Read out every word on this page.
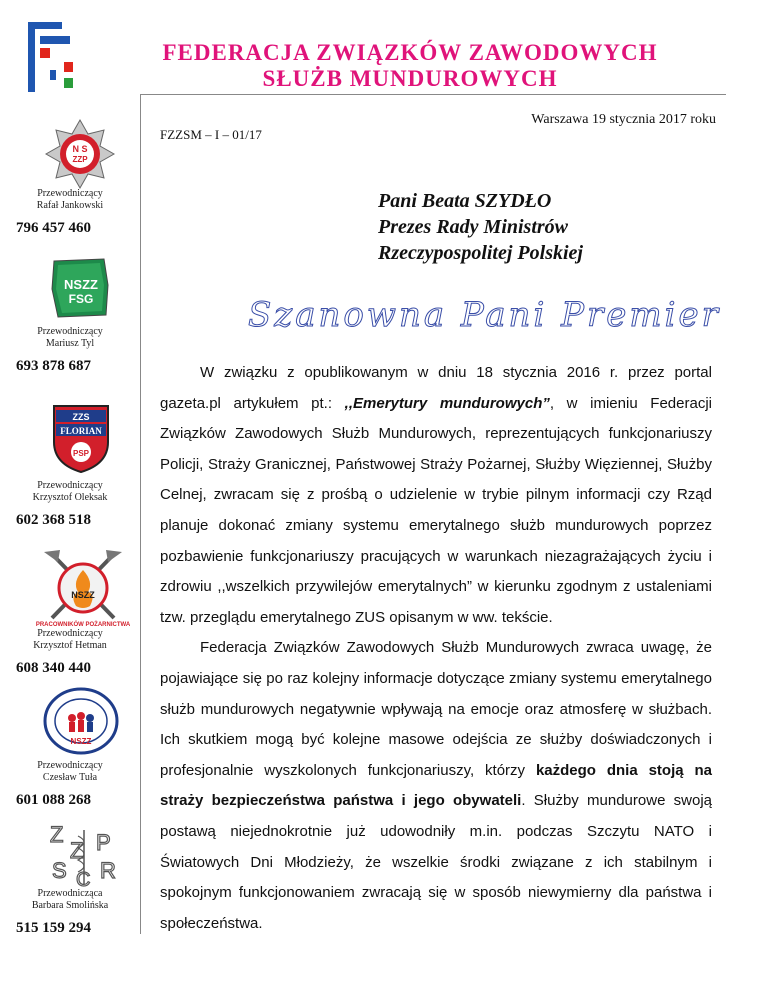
FEDERACJA ZWIĄZKÓW ZAWODOWYCH
SŁUŻB MUNDUROWYCH
Warszawa 19 stycznia 2017 roku
FZZSM – I – 01/17
Pani Beata SZYDŁO
Prezes Rady Ministrów
Rzeczypospolitej Polskiej
Szanowna Pani Premier
N S
ZZP
Przewodniczący
Rafał Jankowski
796 457 460
NSZZ
FSG
Przewodniczący
Mariusz Tyl
693 878 687
ZZS
FLORIAN
PSP
Przewodniczący
Krzysztof Oleksak
602 368 518
NSZZ
PRACOWNIKÓW POŻARNICTWA
Przewodniczący
Krzysztof Hetman
608 340 440
NSZZ
Przewodniczący
Czesław Tuła
601 088 268
Z
Z
S C
P
R
Przewodnicząca
Barbara Smolińska
515 159 294

W związku z opublikowanym w dniu 18 stycznia 2016 r. przez portal gazeta.pl artykułem pt.: ,,Emerytury mundurowych”, w imieniu Federacji Związków Zawodowych Służb Mundurowych, reprezentujących funkcjonariuszy Policji, Straży Granicznej, Państwowej Straży Pożarnej, Służby Więziennej, Służby Celnej, zwracam się z prośbą o udzielenie w trybie pilnym informacji czy Rząd planuje dokonać zmiany systemu emerytalnego służb mundurowych poprzez pozbawienie funkcjonariuszy pracujących w warunkach niezagrażających życiu i zdrowiu ,,wszelkich przywilejów emerytalnych” w kierunku zgodnym z ustaleniami tzw. przeglądu emerytalnego ZUS opisanym w ww. tekście.

Federacja Związków Zawodowych Służb Mundurowych zwraca uwagę, że pojawiające się po raz kolejny informacje dotyczące zmiany systemu emerytalnego służb mundurowych negatywnie wpływają na emocje oraz atmosferę w służbach. Ich skutkiem mogą być kolejne masowe odejścia ze służby doświadczonych i profesjonalnie wyszkolonych funkcjonariuszy, którzy każdego dnia stoją na straży bezpieczeństwa państwa i jego obywateli. Służby mundurowe swoją postawą niejednokrotnie już udowodniły m.in. podczas Szczytu NATO i Światowych Dni Młodzieży, że wszelkie środki związane z ich stabilnym i spokojnym funkcjonowaniem zwracają się w sposób niewymierny dla państwa i społeczeństwa.
